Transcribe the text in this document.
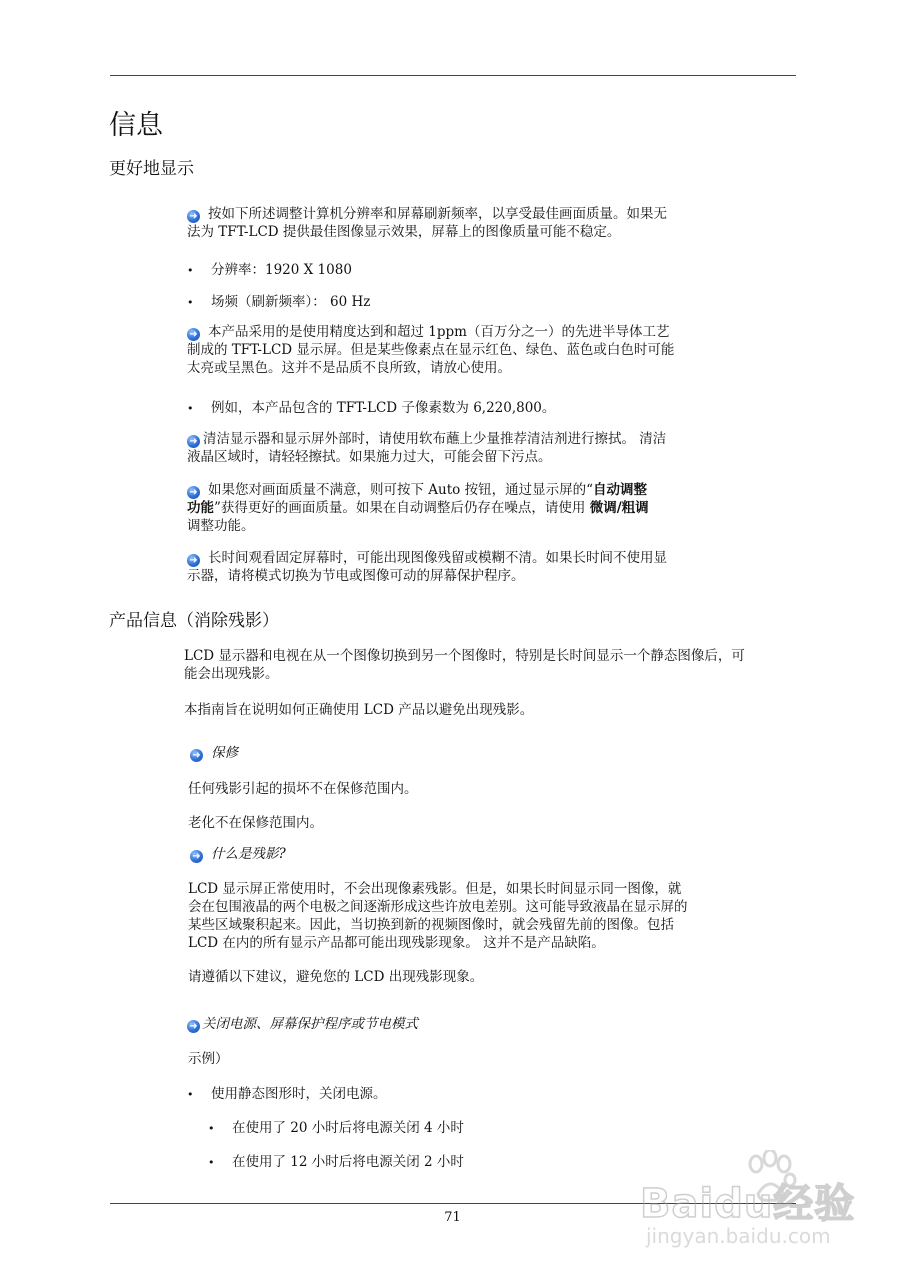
信息
更好地显示
➜ 按如下所述调整计算机分辨率和屏幕刷新频率，以享受最佳画面质量。如果无
法为 TFT-LCD 提供最佳图像显示效果，屏幕上的图像质量可能不稳定。
• 分辨率：1920 X 1080
• 场频（刷新频率）： 60 Hz
➜ 本产品采用的是使用精度达到和超过 1ppm（百万分之一）的先进半导体工艺
制成的 TFT-LCD 显示屏。但是某些像素点在显示红色、绿色、蓝色或白色时可能
太亮或呈黑色。这并不是品质不良所致，请放心使用。
• 例如，本产品包含的 TFT-LCD 子像素数为 6,220,800。
➜ 清洁显示器和显示屏外部时，请使用软布蘸上少量推荐清洁剂进行擦拭。 清洁
液晶区域时，请轻轻擦拭。如果施力过大，可能会留下污点。
➜ 如果您对画面质量不满意，则可按下 Auto 按钮，通过显示屏的“自动调整
功能”获得更好的画面质量。如果在自动调整后仍存在噪点，请使用 微调/粗调
调整功能。
➜ 长时间观看固定屏幕时，可能出现图像残留或模糊不清。如果长时间不使用显
示器，请将模式切换为节电或图像可动的屏幕保护程序。
产品信息（消除残影）
LCD 显示器和电视在从一个图像切换到另一个图像时，特别是长时间显示一个静态图像后，可
能会出现残影。
本指南旨在说明如何正确使用 LCD 产品以避免出现残影。
➜ 保修
任何残影引起的损坏不在保修范围内。
老化不在保修范围内。
➜ 什么是残影?
LCD 显示屏正常使用时，不会出现像素残影。但是，如果长时间显示同一图像，就
会在包围液晶的两个电极之间逐渐形成这些许放电差别。这可能导致液晶在显示屏的
某些区域聚积起来。因此，当切换到新的视频图像时，就会残留先前的图像。包括
LCD 在内的所有显示产品都可能出现残影现象。 这并不是产品缺陷。
请遵循以下建议，避免您的 LCD 出现残影现象。
➜ 关闭电源、屏幕保护程序或节电模式
示例）
• 使用静态图形时，关闭电源。
• 在使用了 20 小时后将电源关闭 4 小时
• 在使用了 12 小时后将电源关闭 2 小时
71	Baidu经验
jingyan.baidu.com
